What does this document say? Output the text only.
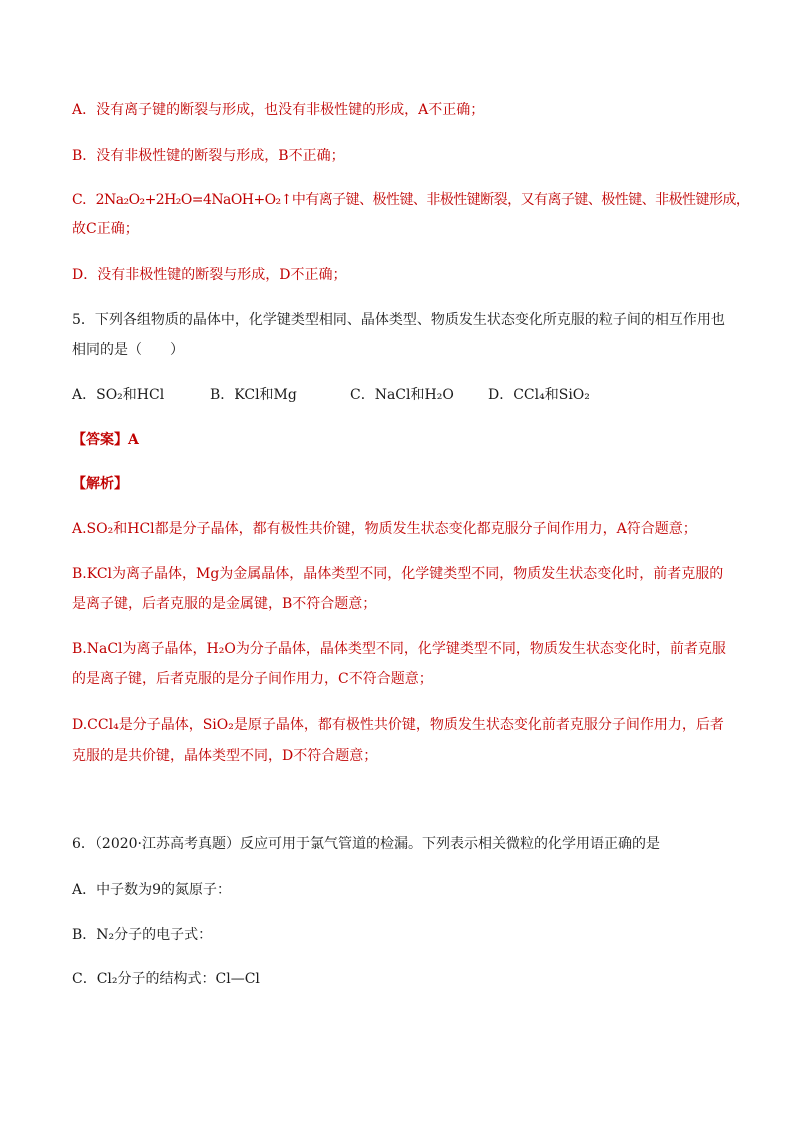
A．没有离子键的断裂与形成，也没有非极性键的形成，A不正确；
B．没有非极性键的断裂与形成，B不正确；
C．2Na₂O₂+2H₂O=4NaOH+O₂↑中有离子键、极性键、非极性键断裂，又有离子键、极性键、非极性键形成，
故C正确；
D．没有非极性键的断裂与形成，D不正确；
5．下列各组物质的晶体中，化学键类型相同、晶体类型、物质发生状态变化所克服的粒子间的相互作用也
相同的是（　　）
A．SO₂和HCl	B．KCl和Mg	C．NaCl和H₂O D．CCl₄和SiO₂
【答案】A
【解析】
A.SO₂和HCl都是分子晶体，都有极性共价键，物质发生状态变化都克服分子间作用力，A符合题意；
B.KCl为离子晶体，Mg为金属晶体，晶体类型不同，化学键类型不同，物质发生状态变化时，前者克服的
是离子键，后者克服的是金属键，B不符合题意；
B.NaCl为离子晶体，H₂O为分子晶体，晶体类型不同，化学键类型不同，物质发生状态变化时，前者克服
的是离子键，后者克服的是分子间作用力，C不符合题意；
D.CCl₄是分子晶体，SiO₂是原子晶体，都有极性共价键，物质发生状态变化前者克服分子间作用力，后者
克服的是共价键，晶体类型不同，D不符合题意；
6．（2020·江苏高考真题）反应可用于氯气管道的检漏。下列表示相关微粒的化学用语正确的是
A．中子数为9的氮原子：
B．N₂分子的电子式：
C．Cl₂分子的结构式：Cl—Cl
